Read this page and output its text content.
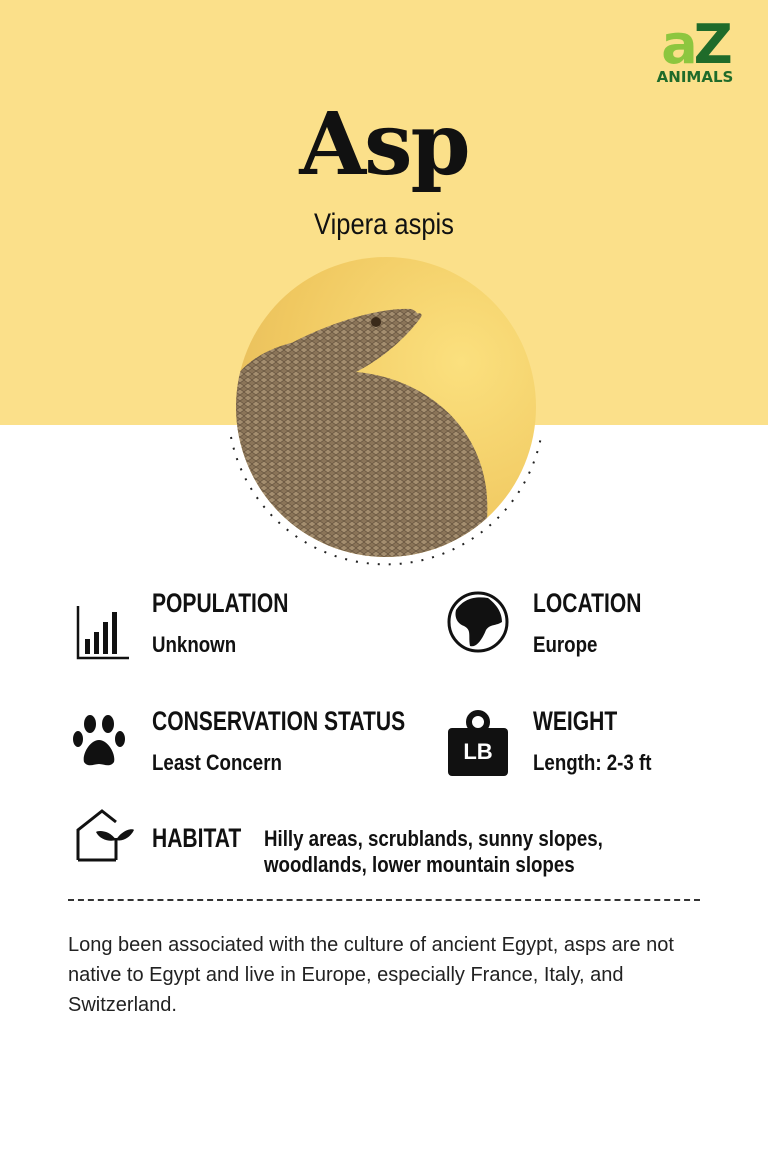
aZ
ANIMALS
Asp
Vipera aspis
POPULATION
Unknown
LOCATION
Europe
CONSERVATION STATUS
Least Concern	LB
WEIGHT
Length: 2-3 ft
HABITAT Hilly areas, scrublands, sunny slopes,
woodlands, lower mountain slopes
Long been associated with the culture of ancient Egypt, asps are not native to Egypt and live in Europe, especially France, Italy, and Switzerland.
